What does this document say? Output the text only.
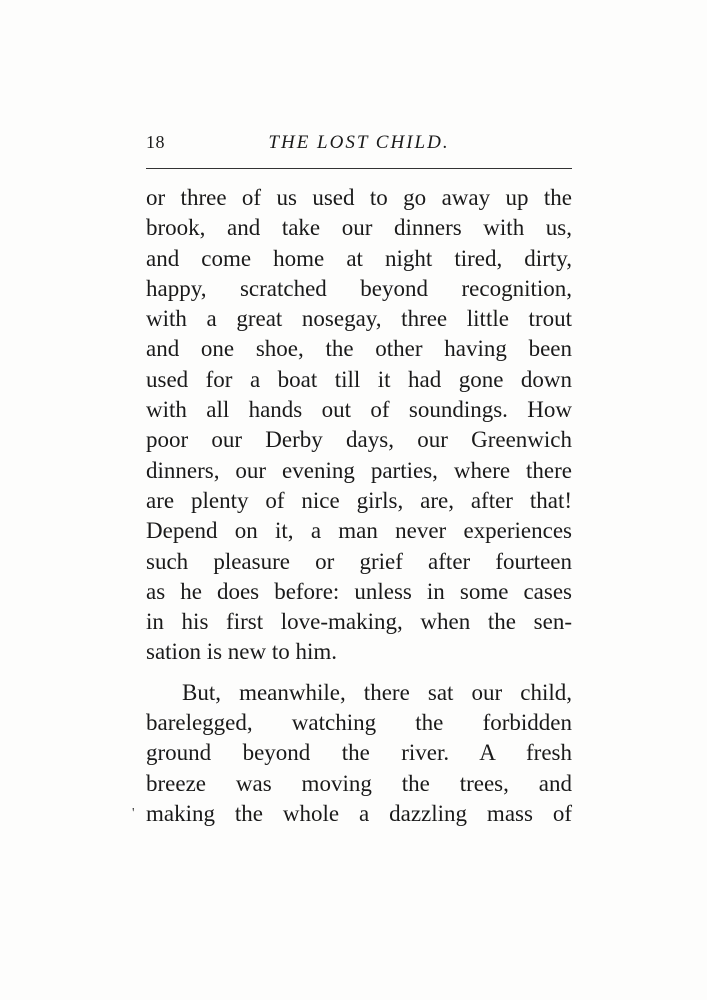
18	THE LOST CHILD.
or three of us used to go away up the
brook, and take our dinners with us,
and come home at night tired, dirty,
happy, scratched beyond recognition,
with a great nosegay, three little trout
and one shoe, the other having been
used for a boat till it had gone down
with all hands out of soundings. How
poor our Derby days, our Greenwich
dinners, our evening parties, where there
are plenty of nice girls, are, after that!
Depend on it, a man never experiences
such pleasure or grief after fourteen
as he does before: unless in some cases
in his first love-making, when the sen-
sation is new to him.
But, meanwhile, there sat our child,
barelegged, watching the forbidden
ground beyond the river. A fresh
breeze was moving the trees, and
making the whole a dazzling mass of
'
